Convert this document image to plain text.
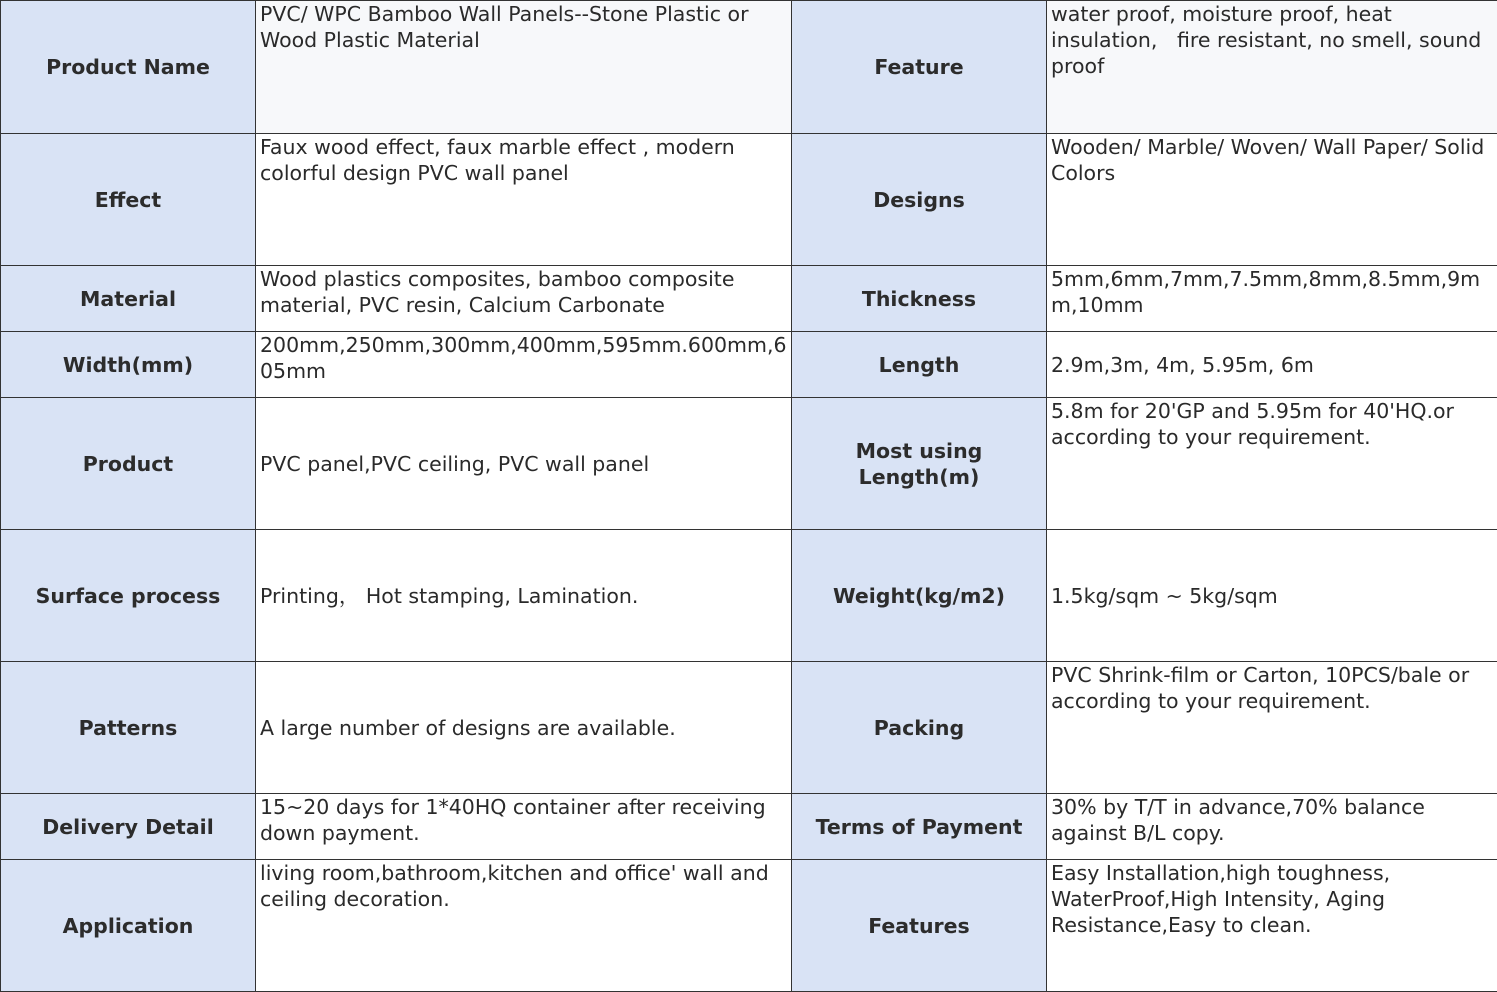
Product Name	PVC/ WPC Bamboo Wall Panels--Stone Plastic or Wood Plastic Material	Feature	water proof, moisture proof, heat insulation,   fire resistant, no smell, sound proof
Effect	Faux wood effect, faux marble effect , modern colorful design PVC wall panel	Designs	Wooden/ Marble/ Woven/ Wall Paper/ Solid Colors
Material	Wood plastics composites, bamboo composite material, PVC resin, Calcium Carbonate	Thickness	5mm,6mm,7mm,7.5mm,8mm,8.5mm,9mm,10mm
Width(mm)	200mm,250mm,300mm,400mm,595mm.600mm,605mm	Length	2.9m,3m, 4m, 5.95m, 6m
Product	PVC panel,PVC ceiling, PVC wall panel	Most using Length(m)	5.8m for 20'GP and 5.95m for 40'HQ.or according to your requirement.
Surface process	Printing， Hot stamping, Lamination.	Weight(kg/m2)	1.5kg/sqm ~ 5kg/sqm
Patterns	A large number of designs are available.	Packing	PVC Shrink-film or Carton, 10PCS/bale or according to your requirement.
Delivery Detail	15~20 days for 1*40HQ container after receiving down payment.	Terms of Payment	30% by T/T in advance,70% balance against B/L copy.
Application	living room,bathroom,kitchen and office' wall and ceiling decoration.	Features	Easy Installation,high toughness, WaterProof,High Intensity, Aging Resistance,Easy to clean.
